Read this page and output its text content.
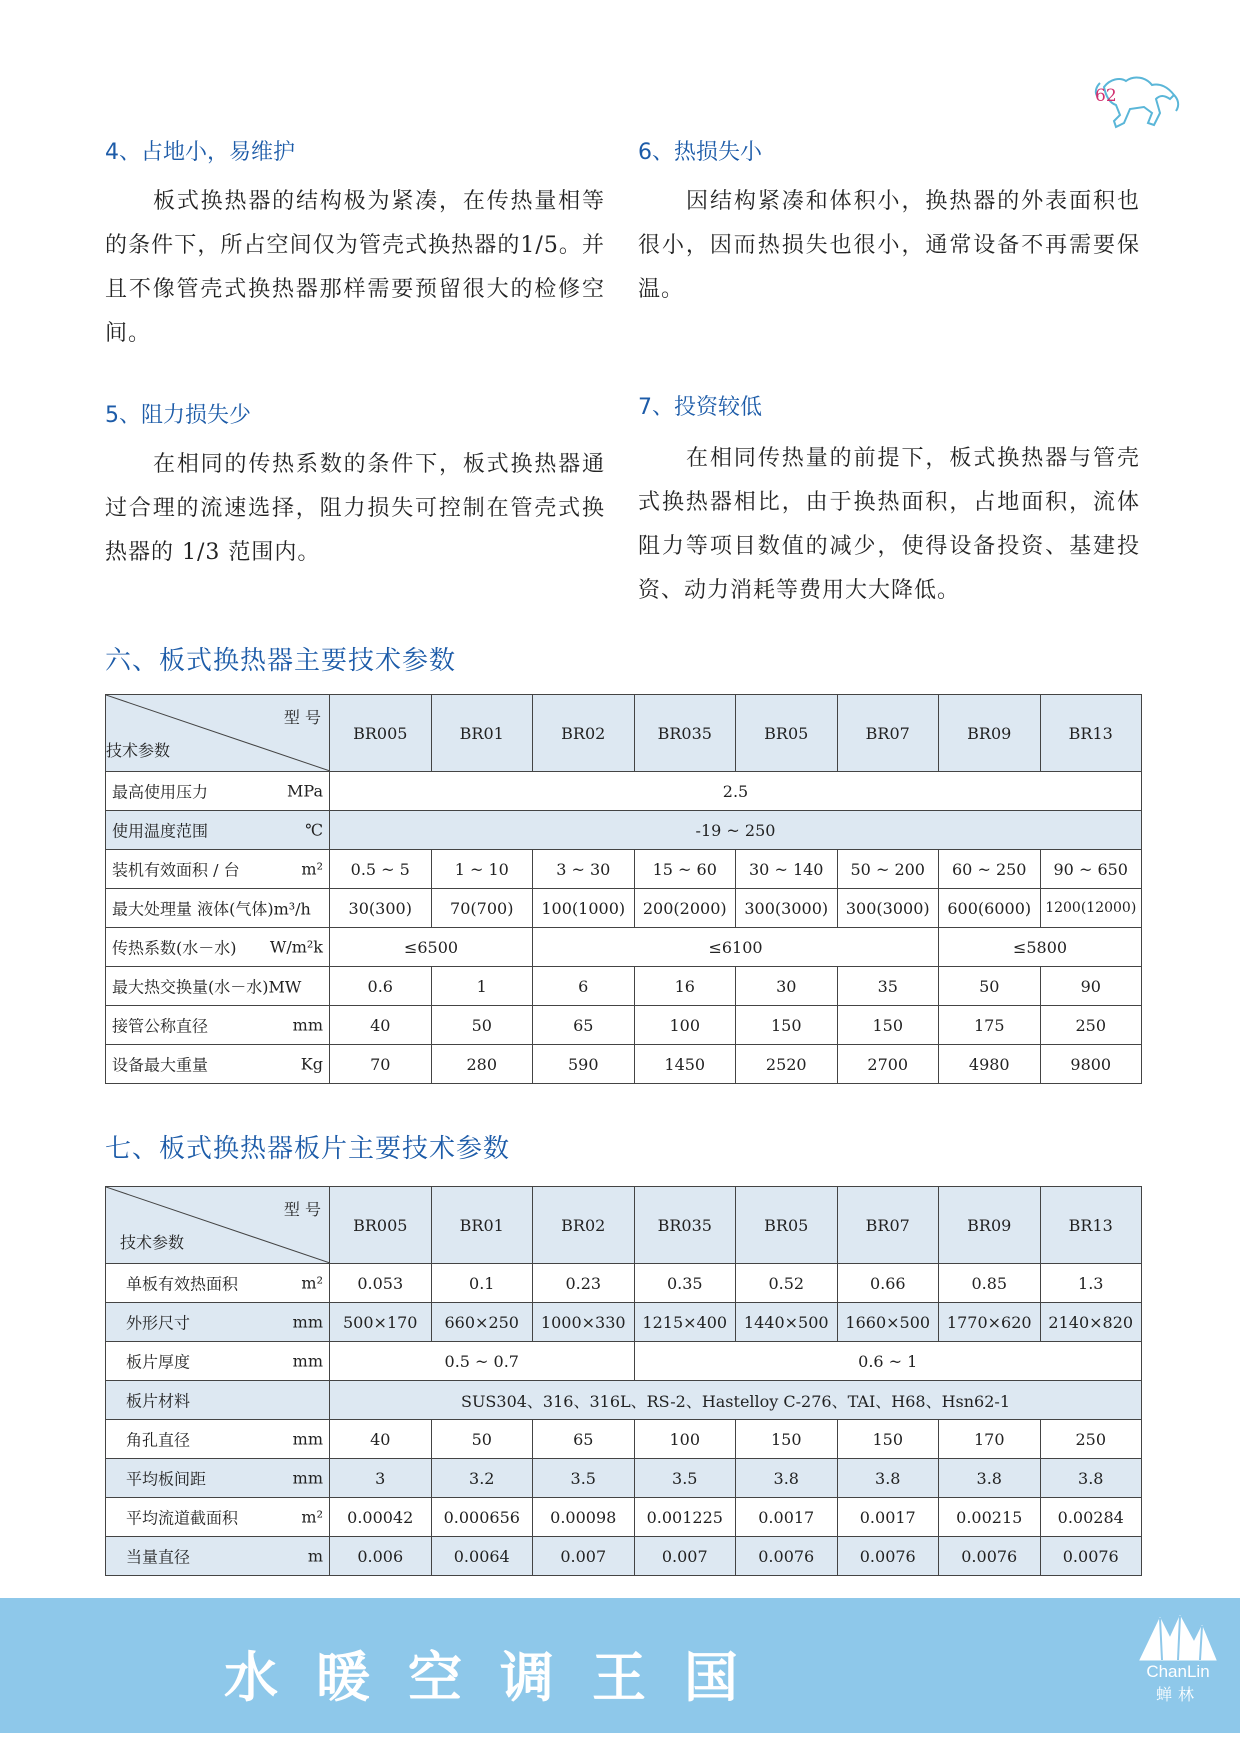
62
4、占地小，易维护

板式换热器的结构极为紧凑，在传热量相等的条件下，所占空间仅为管壳式换热器的1/5。并且不像管壳式换热器那样需要预留很大的检修空间。

5、阻力损失少

在相同的传热系数的条件下，板式换热器通过合理的流速选择，阻力损失可控制在管壳式换热器的 1/3 范围内。

6、热损失小

因结构紧凑和体积小，换热器的外表面积也很小，因而热损失也很小，通常设备不再需要保温。

7、投资较低

在相同传热量的前提下，板式换热器与管壳式换热器相比，由于换热面积，占地面积，流体阻力等项目数值的减少，使得设备投资、基建投资、动力消耗等费用大大降低。

六、板式换热器主要技术参数
型 号
技术参数	BR005	BR01	BR02	BR035	BR05	BR07	BR09	BR13

最高使用压力 MPa	2.5							

使用温度范围 ℃	-19 ~ 250							

装机有效面积 / 台 m²	0.5 ~ 5	1 ~ 10	3 ~ 30	15 ~ 60	30 ~ 140	50 ~ 200	60 ~ 250	90 ~ 650

最大处理量 液体(气体)m³/h	30(300)	70(700)	100(1000)	200(2000)	300(3000)	300(3000)	600(6000)	1200(12000)

传热系数(水－水) W/m²k	≤6500		≤6100				≤5800	

最大热交换量(水－水)MW	0.6	1	6	16	30	35	50	90

接管公称直径 mm	40	50	65	100	150	150	175	250

设备最大重量 Kg	70	280	590	1450	2520	2700	4980	9800
七、板式换热器板片主要技术参数
型 号
技术参数	BR005	BR01	BR02	BR035	BR05	BR07	BR09	BR13

单板有效热面积 m²	0.053	0.1	0.23	0.35	0.52	0.66	0.85	1.3

外形尺寸 mm	500×170	660×250	1000×330	1215×400	1440×500	1660×500	1770×620	2140×820

板片厚度 mm	0.5 ~ 0.7			0.6 ~ 1				

板片材料	SUS304、316、316L、RS-2、Hastelloy C-276、TAI、H68、Hsn62-1							

角孔直径 mm	40	50	65	100	150	150	170	250

平均板间距 mm	3	3.2	3.5	3.5	3.8	3.8	3.8	3.8

平均流道截面积 m²	0.00042	0.000656	0.00098	0.001225	0.0017	0.0017	0.00215	0.00284

当量直径 m	0.006	0.0064	0.007	0.007	0.0076	0.0076	0.0076	0.0076
水暖空调王国	ChanLin
蝉林
